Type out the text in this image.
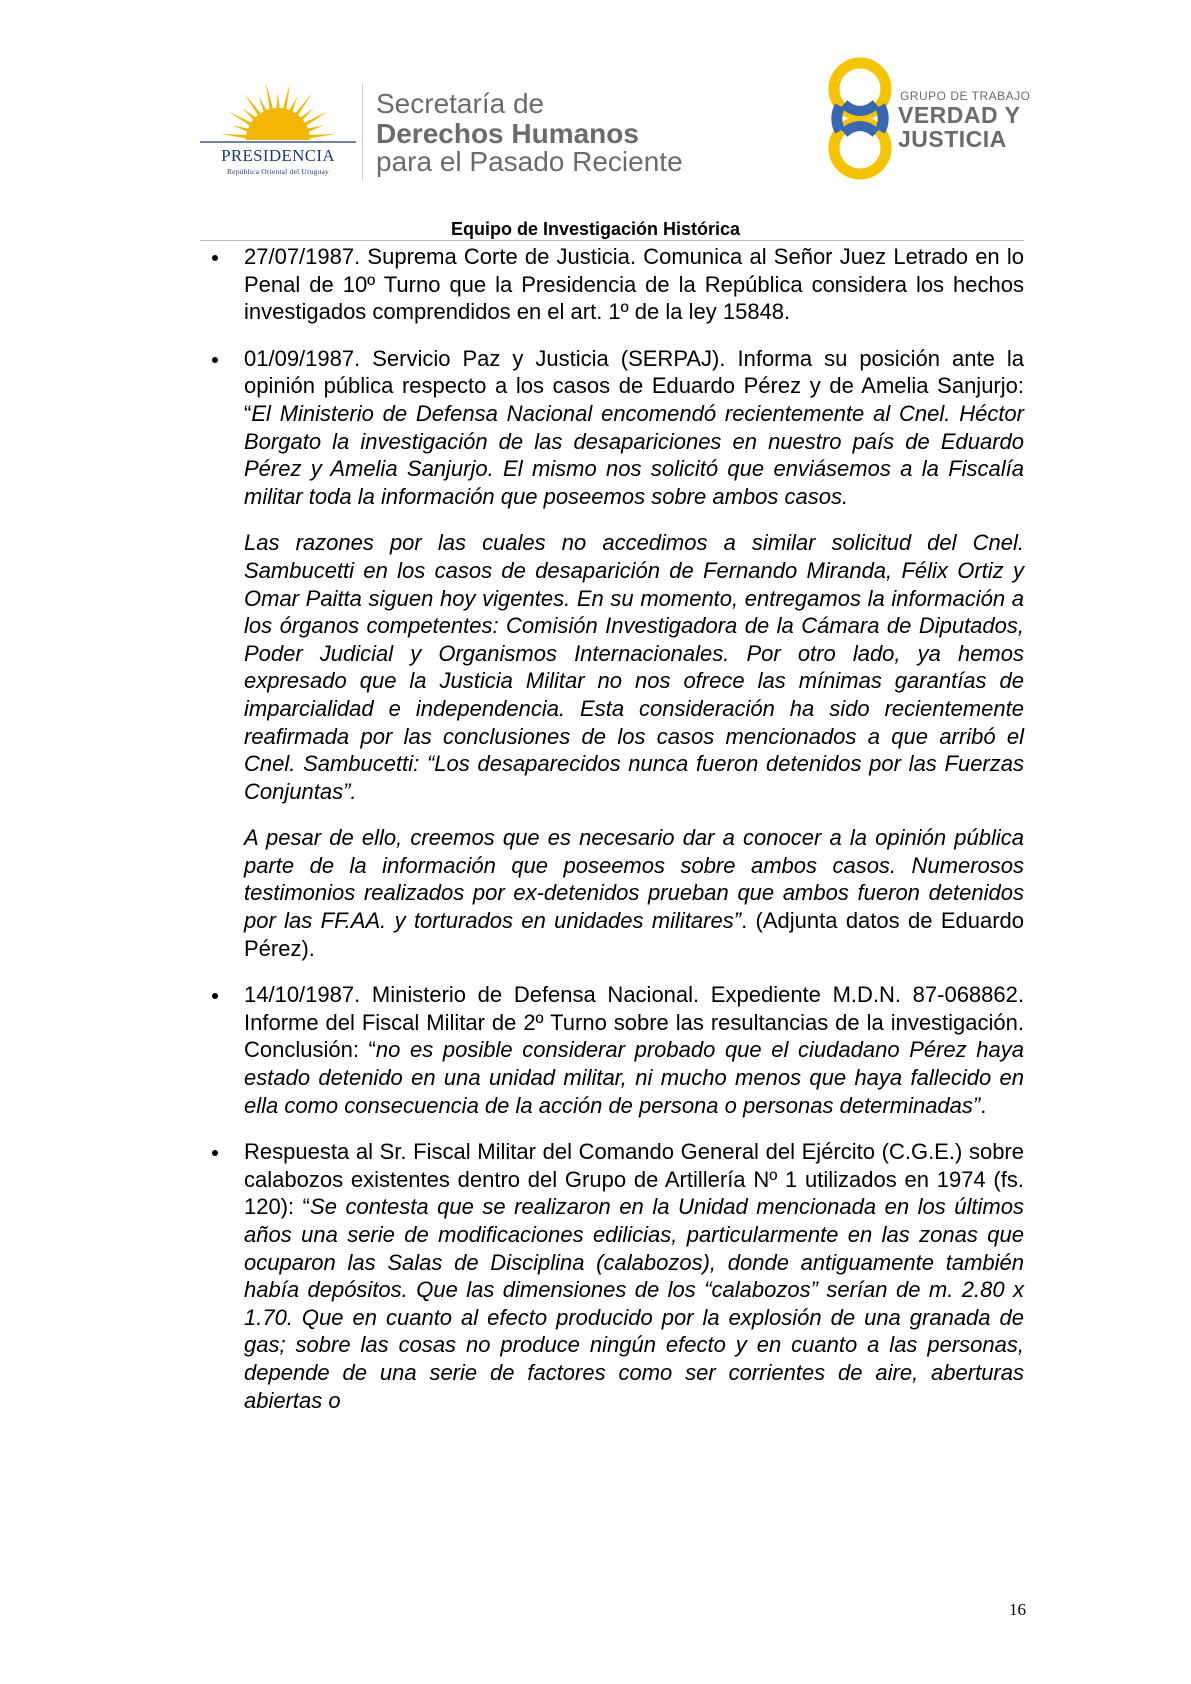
PRESIDENCIA
República Oriental del Uruguay
Secretaría de
Derechos Humanos
para el Pasado Reciente
GRUPO DE TRABAJO
VERDAD Y
JUSTICIA
Equipo de Investigación Histórica

27/07/1987. Suprema Corte de Justicia. Comunica al Señor Juez Letrado en lo Penal de 10º Turno que la Presidencia de la República considera los hechos investigados comprendidos en el art. 1º de la ley 15848.

01/09/1987. Servicio Paz y Justicia (SERPAJ). Informa su posición ante la opinión pública respecto a los casos de Eduardo Pérez y de Amelia Sanjurjo: “El Ministerio de Defensa Nacional encomendó recientemente al Cnel. Héctor Borgato la investigación de las desapariciones en nuestro país de Eduardo Pérez y Amelia Sanjurjo. El mismo nos solicitó que enviásemos a la Fiscalía militar toda la información que poseemos sobre ambos casos.

Las razones por las cuales no accedimos a similar solicitud del Cnel. Sambucetti en los casos de desaparición de Fernando Miranda, Félix Ortiz y Omar Paitta siguen hoy vigentes. En su momento, entregamos la información a los órganos competentes: Comisión Investigadora de la Cámara de Diputados, Poder Judicial y Organismos Internacionales. Por otro lado, ya hemos expresado que la Justicia Militar no nos ofrece las mínimas garantías de imparcialidad e independencia. Esta consideración ha sido recientemente reafirmada por las conclusiones de los casos mencionados a que arribó el Cnel. Sambucetti: “Los desaparecidos nunca fueron detenidos por las Fuerzas Conjuntas”.

A pesar de ello, creemos que es necesario dar a conocer a la opinión pública parte de la información que poseemos sobre ambos casos. Numerosos testimonios realizados por ex-detenidos prueban que ambos fueron detenidos por las FF.AA. y torturados en unidades militares”. (Adjunta datos de Eduardo Pérez).

14/10/1987. Ministerio de Defensa Nacional. Expediente M.D.N. 87-068862. Informe del Fiscal Militar de 2º Turno sobre las resultancias de la investigación. Conclusión: “no es posible considerar probado que el ciudadano Pérez haya estado detenido en una unidad militar, ni mucho menos que haya fallecido en ella como consecuencia de la acción de persona o personas determinadas”.

Respuesta al Sr. Fiscal Militar del Comando General del Ejército (C.G.E.) sobre calabozos existentes dentro del Grupo de Artillería Nº 1 utilizados en 1974 (fs. 120): “Se contesta que se realizaron en la Unidad mencionada en los últimos años una serie de modificaciones edilicias, particularmente en las zonas que ocuparon las Salas de Disciplina (calabozos), donde antiguamente también había depósitos. Que las dimensiones de los “calabozos” serían de m. 2.80 x 1.70. Que en cuanto al efecto producido por la explosión de una granada de gas; sobre las cosas no produce ningún efecto y en cuanto a las personas, depende de una serie de factores como ser corrientes de aire, aberturas abiertas o

16
